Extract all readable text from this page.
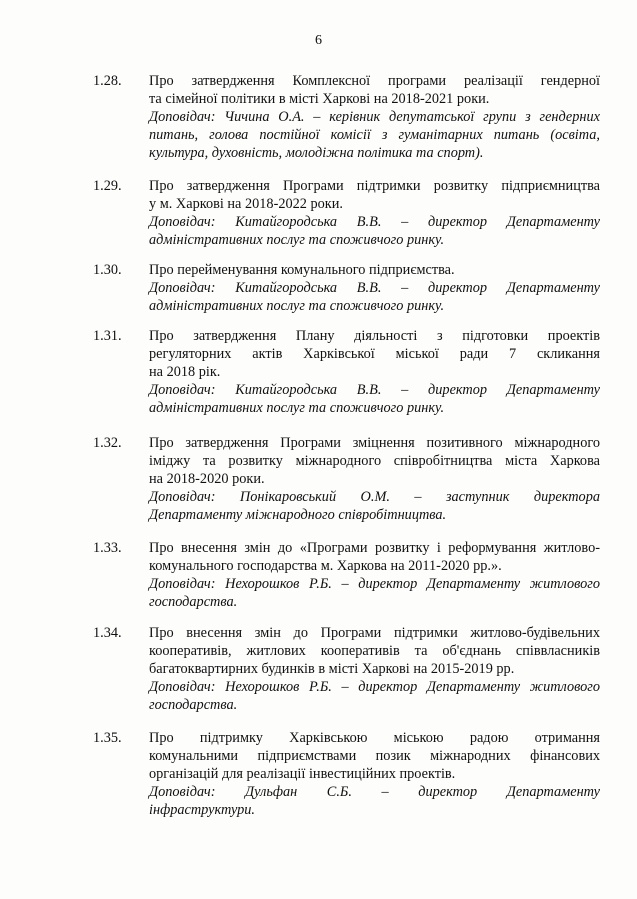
6
1.28. Про затвердження Комплексної програми реалізації гендерної
та сімейної політики в місті Харкові на 2018-2021 роки.
Доповідач: Чичина О.А. – керівник депутатської групи з гендерних
питань, голова постійної комісії з гуманітарних питань (освіта,
культура, духовність, молодіжна політика та спорт).
1.29. Про затвердження Програми підтримки розвитку підприємництва
у м. Харкові на 2018-2022 роки.
Доповідач: Китайгородська В.В. – директор Департаменту
адміністративних послуг та споживчого ринку.
1.30. Про перейменування комунального підприємства.
Доповідач: Китайгородська В.В. – директор Департаменту
адміністративних послуг та споживчого ринку.
1.31. Про затвердження Плану діяльності з підготовки проектів
регуляторних актів Харківської міської ради 7 скликання
на 2018 рік.
Доповідач: Китайгородська В.В. – директор Департаменту
адміністративних послуг та споживчого ринку.
1.32. Про затвердження Програми зміцнення позитивного міжнародного
іміджу та розвитку міжнародного співробітництва міста Харкова
на 2018-2020 роки.
Доповідач: Понікаровський О.М. – заступник директора
Департаменту міжнародного співробітництва.
1.33. Про внесення змін до «Програми розвитку і реформування житлово-
комунального господарства м. Харкова на 2011-2020 рр.».
Доповідач: Нехорошков Р.Б. – директор Департаменту житлового
господарства.
1.34. Про внесення змін до Програми підтримки житлово-будівельних
кооперативів, житлових кооперативів та об'єднань співвласників
багатоквартирних будинків в місті Харкові на 2015-2019 рр.
Доповідач: Нехорошков Р.Б. – директор Департаменту житлового
господарства.
1.35. Про підтримку Харківською міською радою отримання
комунальними підприємствами позик міжнародних фінансових
організацій для реалізації інвестиційних проектів.
Доповідач: Дульфан С.Б. – директор Департаменту
інфраструктури.
